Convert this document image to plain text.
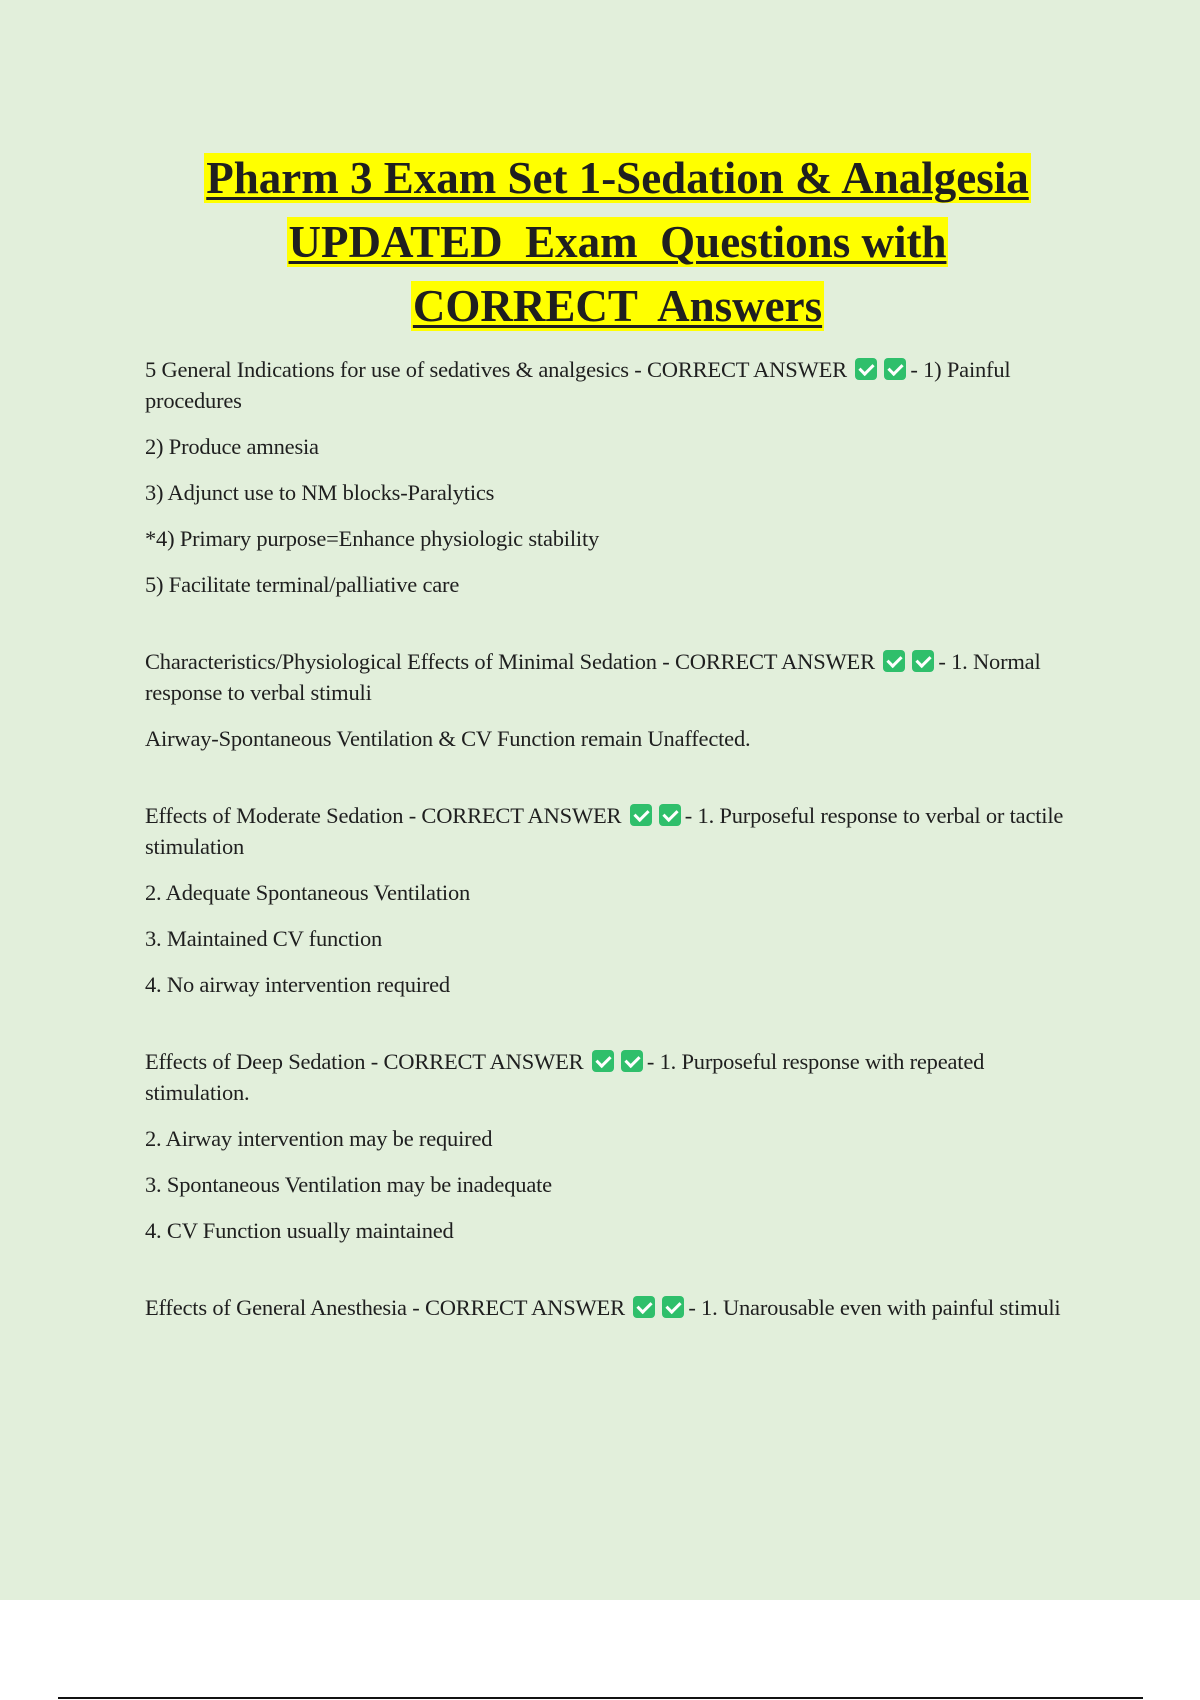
Pharm 3 Exam Set 1-Sedation & Analgesia
UPDATED  Exam  Questions with
CORRECT  Answers

5 General Indications for use of sedatives & analgesics - CORRECT ANSWER	- 1) Painful procedures

2) Produce amnesia

3) Adjunct use to NM blocks-Paralytics

*4) Primary purpose=Enhance physiologic stability

5) Facilitate terminal/palliative care

Characteristics/Physiological Effects of Minimal Sedation - CORRECT ANSWER	- 1. Normal response to verbal stimuli

Airway-Spontaneous Ventilation & CV Function remain Unaffected.

Effects of Moderate Sedation - CORRECT ANSWER	- 1. Purposeful response to verbal or tactile stimulation

2. Adequate Spontaneous Ventilation

3. Maintained CV function

4. No airway intervention required

Effects of Deep Sedation - CORRECT ANSWER	- 1. Purposeful response with repeated stimulation.

2. Airway intervention may be required

3. Spontaneous Ventilation may be inadequate

4. CV Function usually maintained

Effects of General Anesthesia - CORRECT ANSWER	- 1. Unarousable even with painful stimuli
